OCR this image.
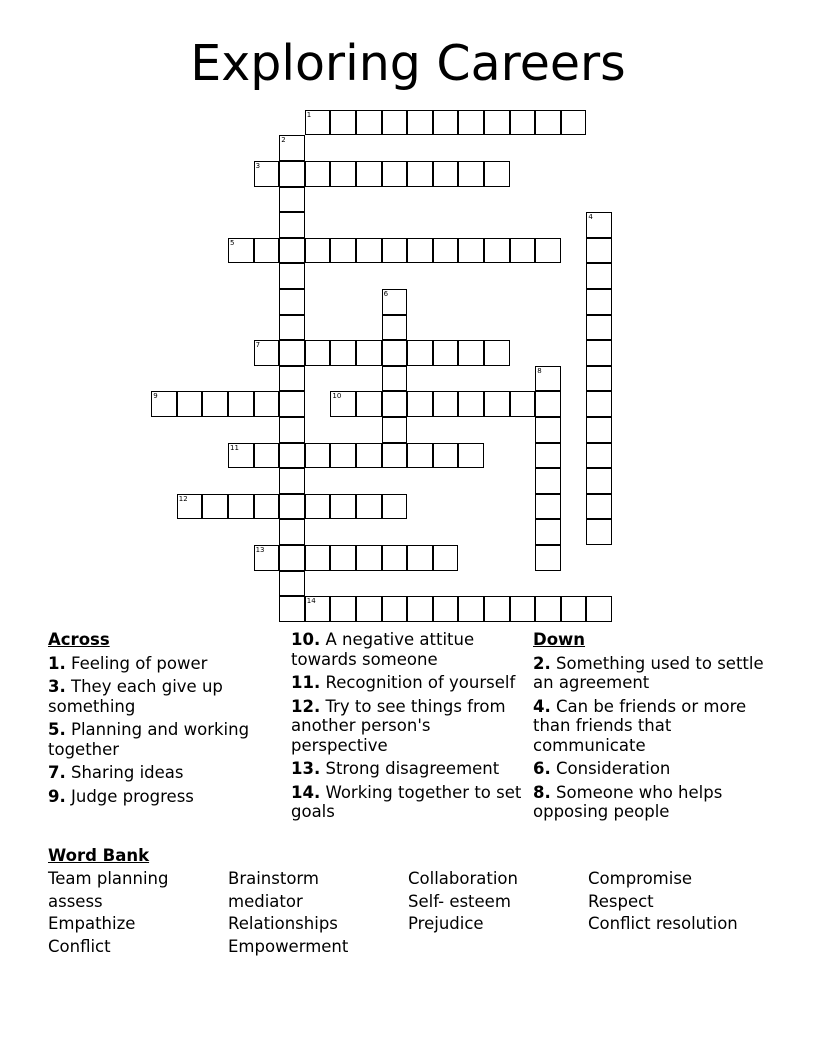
Exploring Careers
1
2
3
4
5
6
7
8
9	10
11
12
13
14
Across
1. Feeling of power
3. They each give up something
5. Planning and working together
7. Sharing ideas
9. Judge progress
10. A negative attitue towards someone
11. Recognition of yourself
12. Try to see things from another person's perspective
13. Strong disagreement
14. Working together to set goals
Down
2. Something used to settle an agreement
4. Can be friends or more than friends that communicate
6. Consideration
8. Someone who helps opposing people
Word Bank
Team planning	Brainstorm	Collaboration	Compromise
assess	mediator	Self- esteem	Respect
Empathize	Relationships	Prejudice	Conflict resolution
Conflict	Empowerment
